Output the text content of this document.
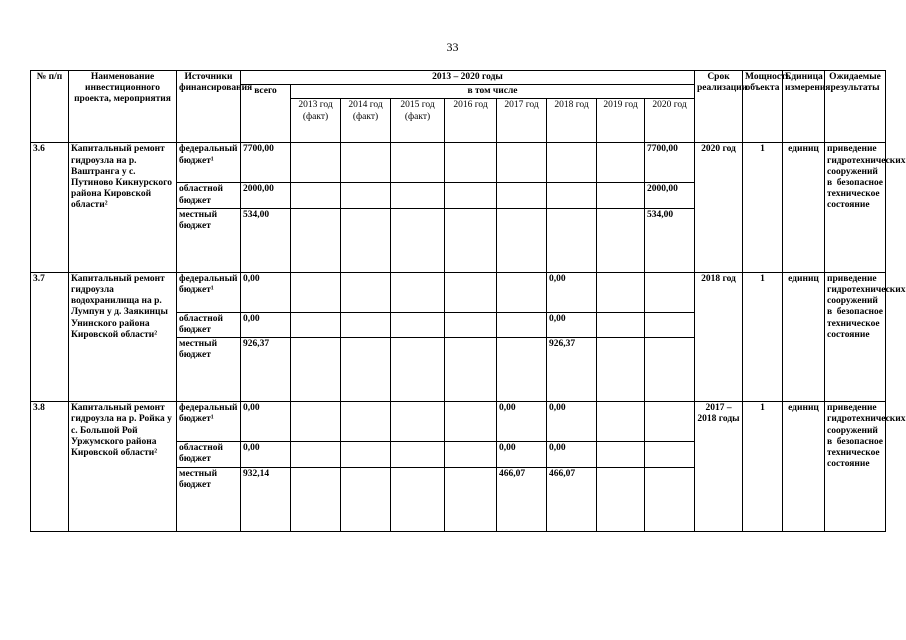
33
№ п/п	Наименование инвестиционного проекта, мероприятия	Источники финансирования	2013 – 2020 годы									Срок реализации	Мощность объекта	Единица измерения	Ожидаемые результаты
			всего	в том числе											
				2013 год (факт)	2014 год (факт)	2015 год (факт)	2016 год	2017 год	2018 год	2019 год	2020 год				
3.6	Капитальный ремонт гидроузла на р. Ваштранга у с. Путиново Кикнурского района Кировской области²	федеральный бюджет¹	7700,00								7700,00	2020 год	1	единиц	приведение гидротехнических сооружений в безопасное техническое состояние
		областной бюджет	2000,00								2000,00				
		местный бюджет	534,00								534,00				
3.7	Капитальный ремонт гидроузла водохранилища на р. Лумпун у д. Заякинцы Унинского района Кировской области²	федеральный бюджет¹	0,00						0,00			2018 год	1	единиц	приведение гидротехнических сооружений в безопасное техническое состояние
		областной бюджет	0,00						0,00						
		местный бюджет	926,37						926,37						
3.8	Капитальный ремонт гидроузла на р. Ройка у с. Большой Рой Уржумского района Кировской области²	федеральный бюджет¹	0,00					0,00	0,00			2017 – 2018 годы	1	единиц	приведение гидротехнических сооружений в безопасное техническое состояние
		областной бюджет	0,00					0,00	0,00						
		местный бюджет	932,14					466,07	466,07						
